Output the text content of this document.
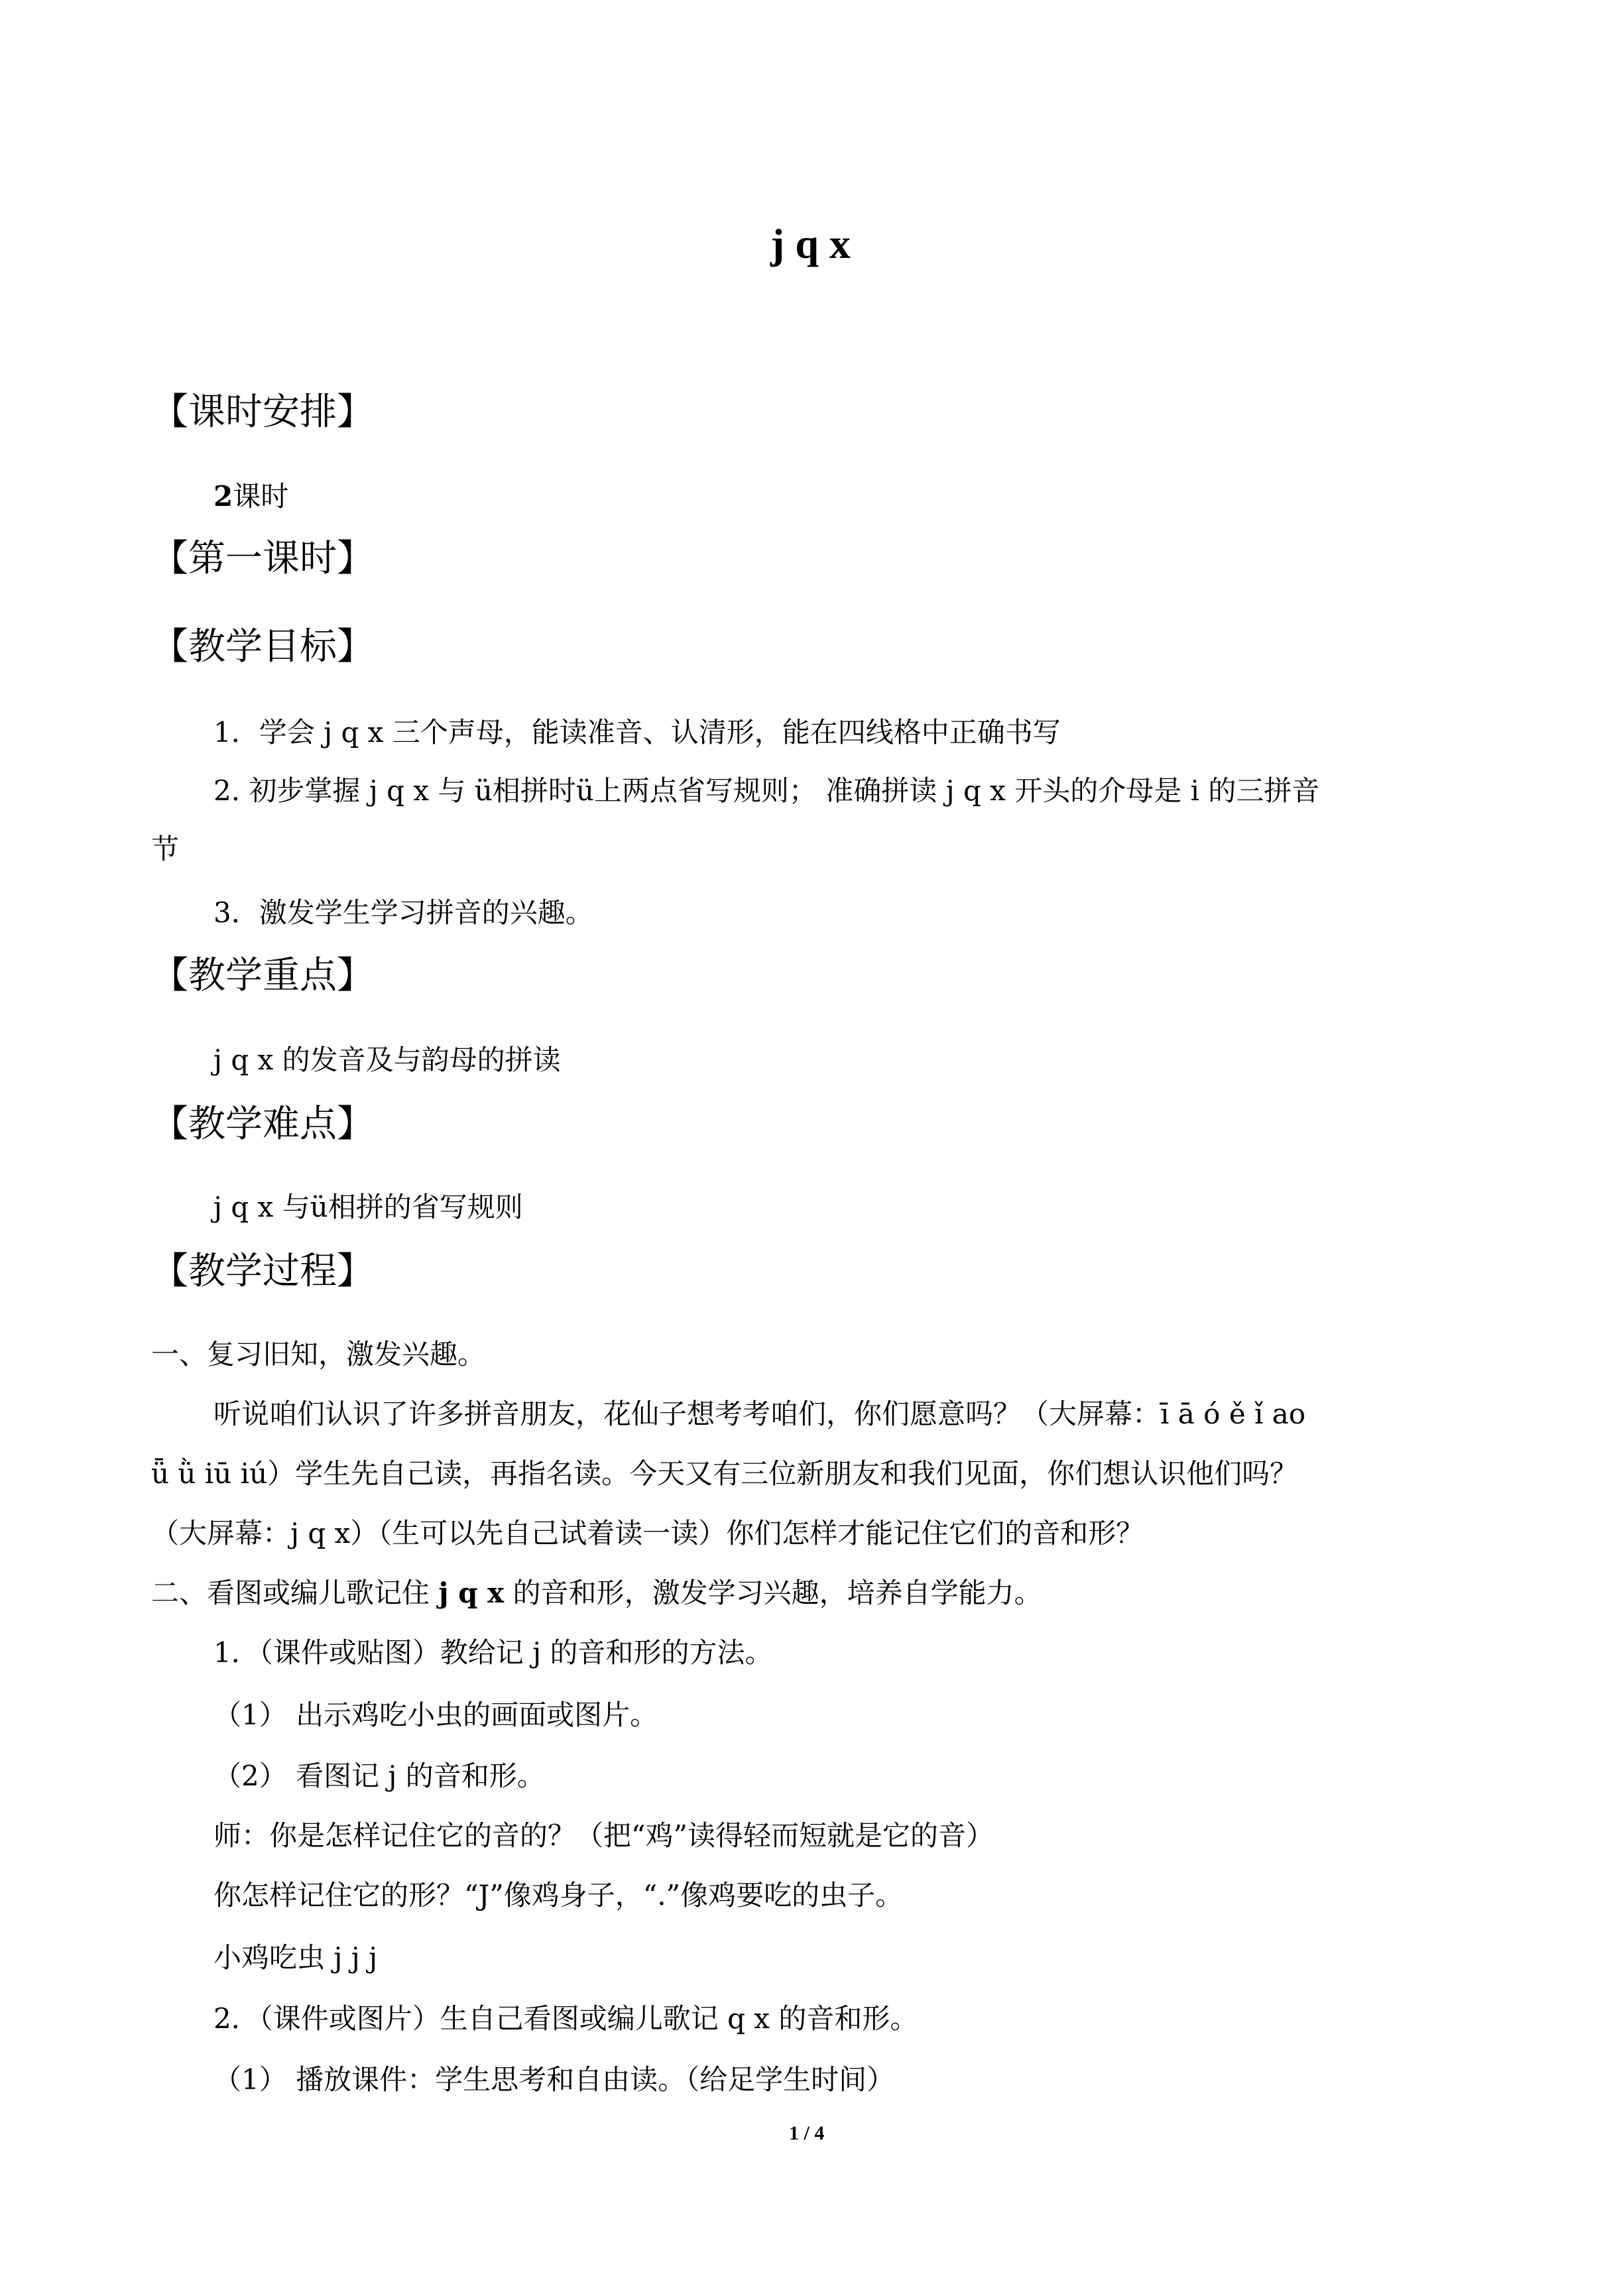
j q x
【课时安排】
2课时
【第一课时】
【教学目标】
1．学会 j q x 三个声母，能读准音、认清形，能在四线格中正确书写
2. 初步掌握 j q x 与 ü相拼时ü上两点省写规则； 准确拼读 j q x 开头的介母是 i 的三拼音
节
3．激发学生学习拼音的兴趣。
【教学重点】
j q x 的发音及与韵母的拼读
【教学难点】
j q x 与ü相拼的省写规则
【教学过程】
一、复习旧知，激发兴趣。
听说咱们认识了许多拼音朋友，花仙子想考考咱们，你们愿意吗？（大屏幕：ī ā ó ě ǐ ao
ǖ ǜ iū iú）学生先自己读，再指名读。今天又有三位新朋友和我们见面，你们想认识他们吗？
（大屏幕：j q x）（生可以先自己试着读一读）你们怎样才能记住它们的音和形？
二、看图或编儿歌记住 j q x 的音和形，激发学习兴趣，培养自学能力。
1．（课件或贴图）教给记 j 的音和形的方法。
（1） 出示鸡吃小虫的画面或图片。
（2） 看图记 j 的音和形。
师：你是怎样记住它的音的？（把“鸡”读得轻而短就是它的音）
你怎样记住它的形？“J”像鸡身子，“.”像鸡要吃的虫子。
小鸡吃虫 j j j
2．（课件或图片）生自己看图或编儿歌记 q x 的音和形。
（1） 播放课件：学生思考和自由读。（给足学生时间）
1 / 4
